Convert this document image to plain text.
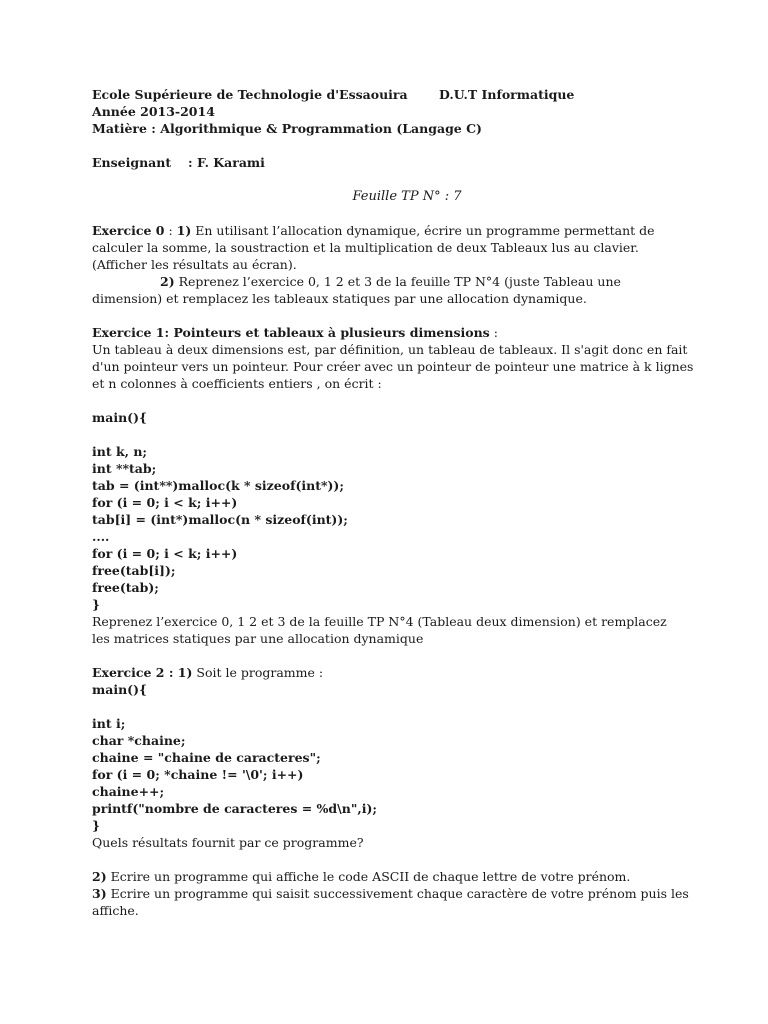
Ecole Supérieure de Technologie d'Essaouira	D.U.T Informatique
Année 2013-2014
Matière : Algorithmique & Programmation (Langage C)
Enseignant : F. Karami
Feuille TP N° : 7
Exercice 0 : 1) En utilisant l’allocation dynamique, écrire un programme permettant de
calculer la somme, la soustraction et la multiplication de deux Tableaux lus au clavier.
(Afficher les résultats au écran).
2) Reprenez l’exercice 0, 1 2 et 3 de la feuille TP N°4 (juste Tableau une
dimension) et remplacez les tableaux statiques par une allocation dynamique.
Exercice 1: Pointeurs et tableaux à plusieurs dimensions :
Un tableau à deux dimensions est, par définition, un tableau de tableaux. Il s'agit donc en fait
d'un pointeur vers un pointeur. Pour créer avec un pointeur de pointeur une matrice à k lignes
et n colonnes à coefficients entiers , on écrit :
main(){
int k, n;
int **tab;
tab = (int**)malloc(k * sizeof(int*));
for (i = 0; i < k; i++)
tab[i] = (int*)malloc(n * sizeof(int));
....
for (i = 0; i < k; i++)
free(tab[i]);
free(tab);
}
Reprenez l’exercice 0, 1 2 et 3 de la feuille TP N°4 (Tableau deux dimension) et remplacez
les matrices statiques par une allocation dynamique
Exercice 2 : 1) Soit le programme :
main(){
int i;
char *chaine;
chaine = "chaine de caracteres";
for (i = 0; *chaine != '\0'; i++)
chaine++;
printf("nombre de caracteres = %d\n",i);
}
Quels résultats fournit par ce programme?
2) Ecrire un programme qui affiche le code ASCII de chaque lettre de votre prénom.
3) Ecrire un programme qui saisit successivement chaque caractère de votre prénom puis les
affiche.
